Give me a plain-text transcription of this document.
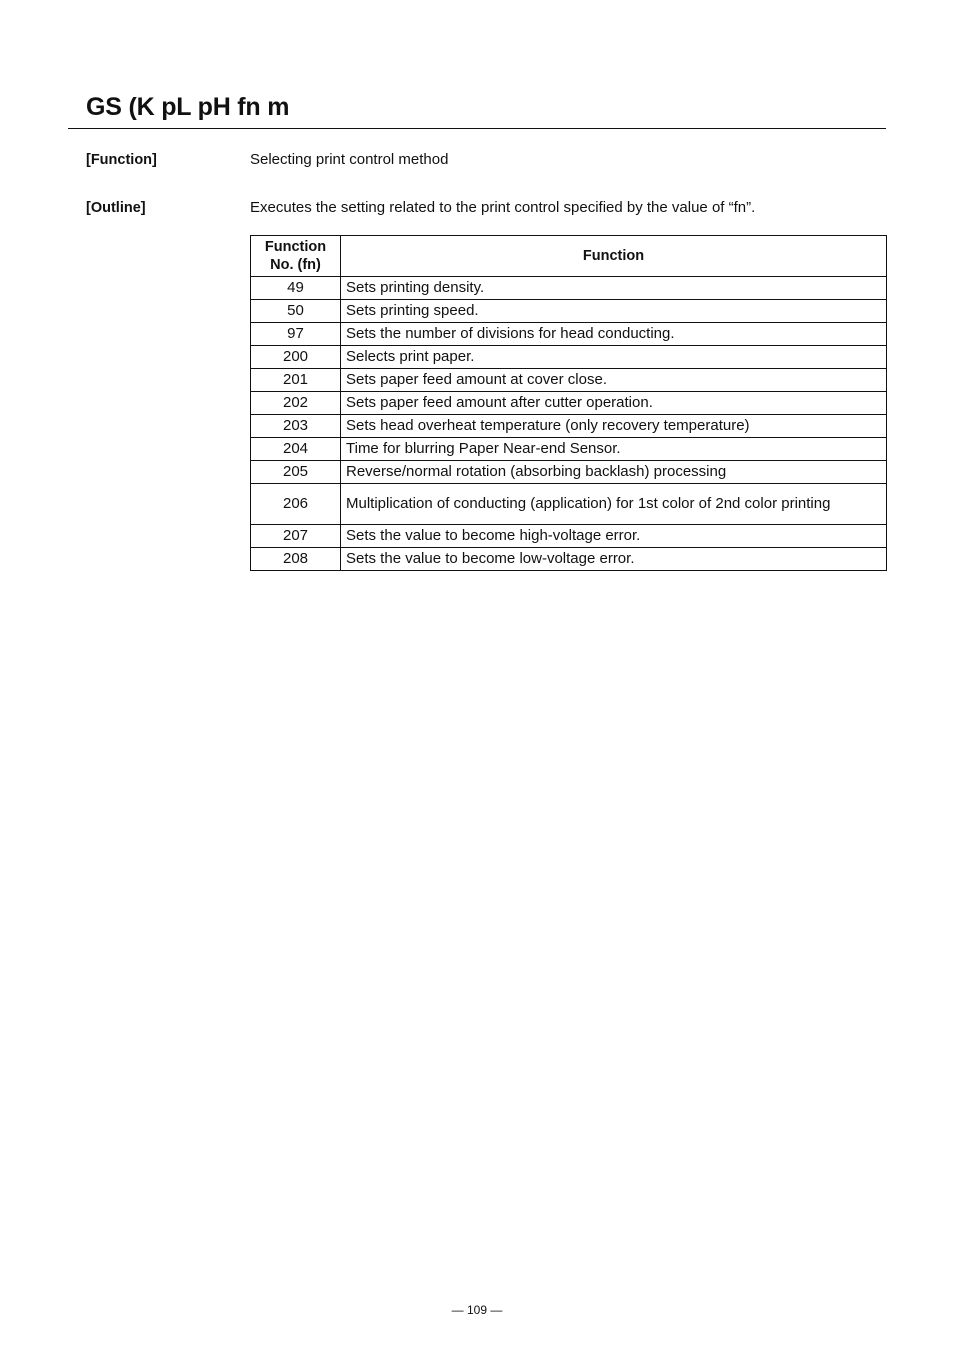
GS (K pL pH fn m
[Function]	Selecting print control method
[Outline]	Executes the setting related to the print control specified by the value of “fn”.
Function
No. (fn)	Function
49	Sets printing density.
50	Sets printing speed.
97	Sets the number of divisions for head conducting.
200	Selects print paper.
201	Sets paper feed amount at cover close.
202	Sets paper feed amount after cutter operation.
203	Sets head overheat temperature (only recovery temperature)
204	Time for blurring Paper Near-end Sensor.
205	Reverse/normal rotation (absorbing backlash) processing
206	Multiplication of conducting (application) for 1st color of 2nd color printing
207	Sets the value to become high-voltage error.
208	Sets the value to become low-voltage error.
— 109 —
